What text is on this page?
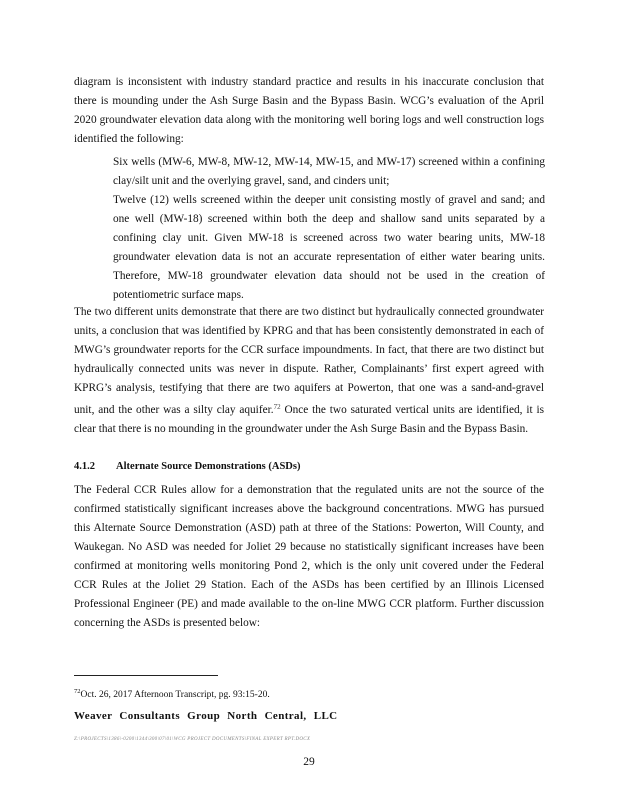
diagram is inconsistent with industry standard practice and results in his inaccurate conclusion that there is mounding under the Ash Surge Basin and the Bypass Basin. WCG’s evaluation of the April 2020 groundwater elevation data along with the monitoring well boring logs and well construction logs identified the following:
Six wells (MW-6, MW-8, MW-12, MW-14, MW-15, and MW-17) screened within a confining clay/silt unit and the overlying gravel, sand, and cinders unit;
Twelve (12) wells screened within the deeper unit consisting mostly of gravel and sand; and one well (MW-18) screened within both the deep and shallow sand units separated by a confining clay unit. Given MW-18 is screened across two water bearing units, MW-18 groundwater elevation data is not an accurate representation of either water bearing units. Therefore, MW-18 groundwater elevation data should not be used in the creation of potentiometric surface maps.
The two different units demonstrate that there are two distinct but hydraulically connected groundwater units, a conclusion that was identified by KPRG and that has been consistently demonstrated in each of MWG’s groundwater reports for the CCR surface impoundments. In fact, that there are two distinct but hydraulically connected units was never in dispute. Rather, Complainants’ first expert agreed with KPRG’s analysis, testifying that there are two aquifers at Powerton, that one was a sand-and-gravel unit, and the other was a silty clay aquifer.$^{72}$ Once the two saturated vertical units are identified, it is clear that there is no mounding in the groundwater under the Ash Surge Basin and the Bypass Basin.
4.1.2 Alternate Source Demonstrations (ASDs)
The Federal CCR Rules allow for a demonstration that the regulated units are not the source of the confirmed statistically significant increases above the background concentrations. MWG has pursued this Alternate Source Demonstration (ASD) path at three of the Stations: Powerton, Will County, and Waukegan. No ASD was needed for Joliet 29 because no statistically significant increases have been confirmed at monitoring wells monitoring Pond 2, which is the only unit covered under the Federal CCR Rules at the Joliet 29 Station. Each of the ASDs has been certified by an Illinois Licensed Professional Engineer (PE) and made available to the on-line MWG CCR platform. Further discussion concerning the ASDs is presented below:
$^{72}$Oct. 26, 2017 Afternoon Transcript, pg. 93:15-20.
Weaver Consultants Group North Central, LLC
Z:\PROJECTS\1386\-0200\1344\300\07\01\WCG PROJECT DOCUMENTS\FINAL EXPERT RPT.DOCX
29
